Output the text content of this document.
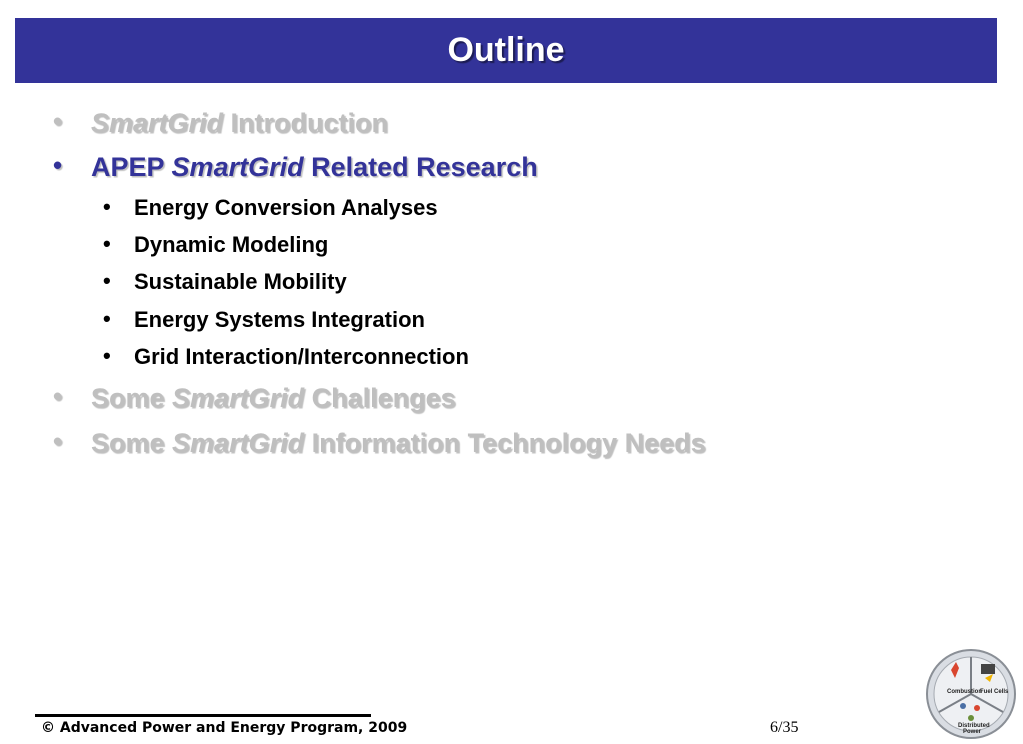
Outline
• SmartGrid Introduction
• APEP SmartGrid Related Research
• Energy Conversion Analyses
• Dynamic Modeling
• Sustainable Mobility
• Energy Systems Integration
• Grid Interaction/Interconnection
• Some SmartGrid Challenges
• Some SmartGrid Information Technology Needs
© Advanced Power and Energy Program, 2009	6/35
Combustion
Fuel Cells
Distributed
Power
